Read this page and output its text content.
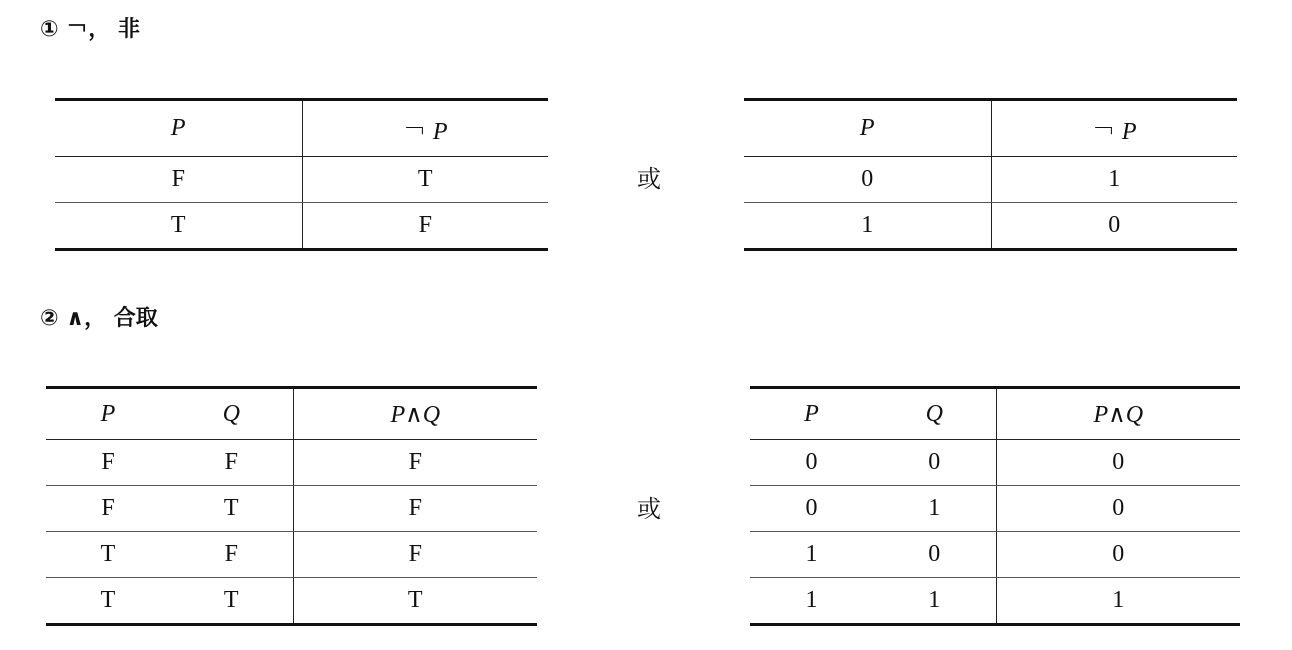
① ￢， 非
P	￢ P
F	T
T	F
或
P	￢ P
0	1
1	0
② ∧， 合取
P	Q	P∧Q
F	F	F
F	T	F
T	F	F
T	T	T
或
P	Q	P∧Q
0	0	0
0	1	0
1	0	0
1	1	1
